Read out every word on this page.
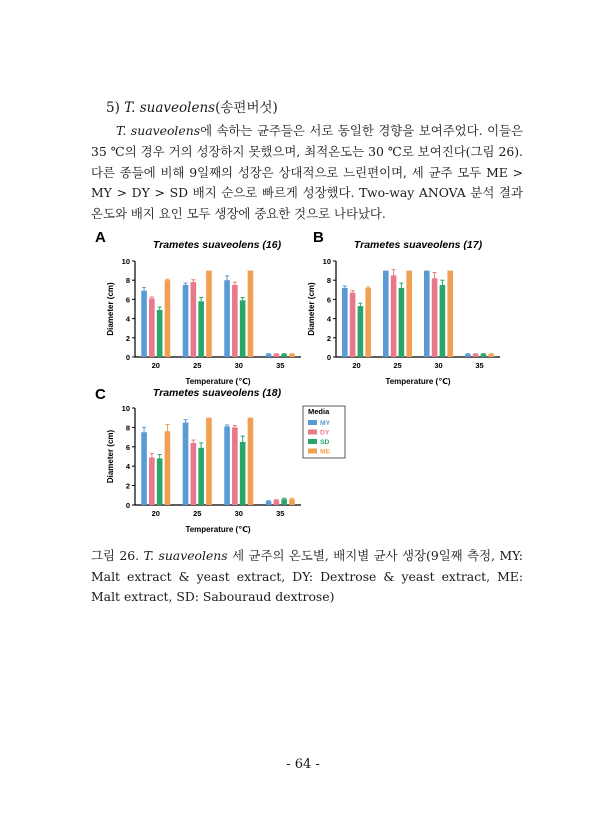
5) T. suaveolens(송편버섯)

T. suaveolens에 속하는 균주들은 서로 동일한 경향을 보여주었다. 이들은 35 ℃의 경우 거의 성장하지 못했으며, 최적온도는 30 ℃로 보여진다(그림 26). 다른 종들에 비해 9일째의 성장은 상대적으로 느린편이며, 세 균주 모두 ME > MY > DY > SD 배지 순으로 빠르게 성장했다. Two-way ANOVA 분석 결과 온도와 배지 요인 모두 생장에 중요한 것으로 나타났다.

A	Trametes suaveolens (16)
0
2
4
6
8
10
Diameter (cm)
20	25	30	35
Temperature (℃)
B	Trametes suaveolens (17)
0
2
4
6
8
10
Diameter (cm)
20	25	30	35
Temperature (℃)
C	Trametes suaveolens (18)
0
2
4
6
8
10
Diameter (cm)
20	25	30	35
Temperature (℃)
Media
MY
DY
SD
ME
그림 26. T. suaveolens 세 균주의 온도별, 배지별 균사 생장(9일째 측정, MY: Malt extract & yeast extract, DY: Dextrose & yeast extract, ME: Malt extract, SD: Sabouraud dextrose)
- 64 -
